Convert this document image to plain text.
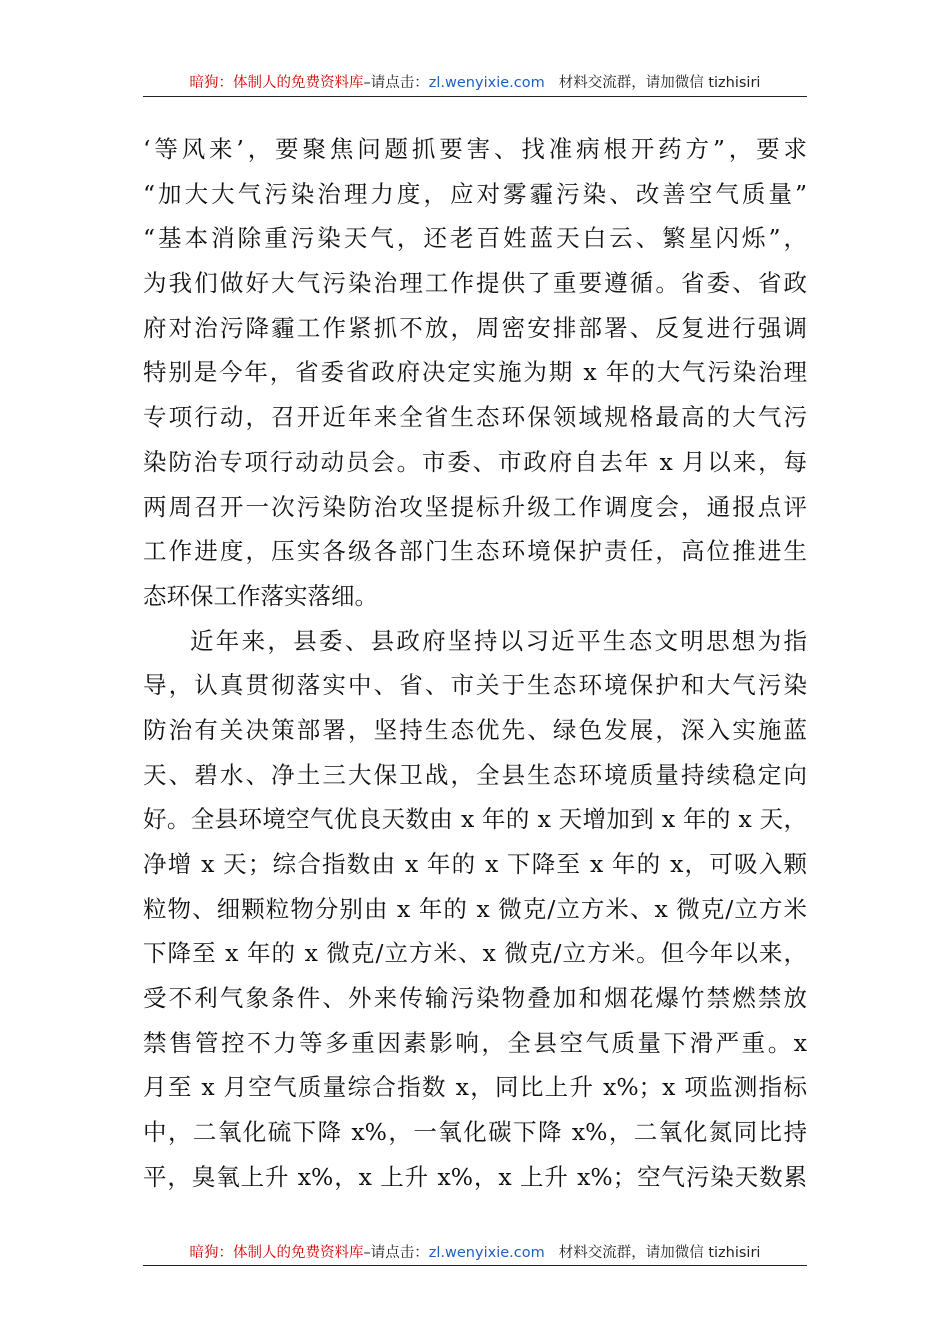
暗狗：体制人的免费资料库–请点击：zl.wenyixie.com 材料交流群，请加微信 tizhisiri
‘等风来’，要聚焦问题抓要害、找准病根开药方”，要求
“加大大气污染治理力度，应对雾霾污染、改善空气质量”
“基本消除重污染天气，还老百姓蓝天白云、繁星闪烁”，
为我们做好大气污染治理工作提供了重要遵循。省委、省政
府对治污降霾工作紧抓不放，周密安排部署、反复进行强调
特别是今年，省委省政府决定实施为期 x 年的大气污染治理
专项行动，召开近年来全省生态环保领域规格最高的大气污
染防治专项行动动员会。市委、市政府自去年 x 月以来，每
两周召开一次污染防治攻坚提标升级工作调度会，通报点评
工作进度，压实各级各部门生态环境保护责任，高位推进生
态环保工作落实落细。
近年来，县委、县政府坚持以习近平生态文明思想为指
导，认真贯彻落实中、省、市关于生态环境保护和大气污染
防治有关决策部署，坚持生态优先、绿色发展，深入实施蓝
天、碧水、净土三大保卫战，全县生态环境质量持续稳定向
好。全县环境空气优良天数由 x 年的 x 天增加到 x 年的 x 天，
净增 x 天；综合指数由 x 年的 x 下降至 x 年的 x，可吸入颗
粒物、细颗粒物分别由 x 年的 x 微克/立方米、x 微克/立方米
下降至 x 年的 x 微克/立方米、x 微克/立方米。但今年以来，
受不利气象条件、外来传输污染物叠加和烟花爆竹禁燃禁放
禁售管控不力等多重因素影响，全县空气质量下滑严重。x
月至 x 月空气质量综合指数 x，同比上升 x%；x 项监测指标
中，二氧化硫下降 x%，一氧化碳下降 x%，二氧化氮同比持
平，臭氧上升 x%，x 上升 x%，x 上升 x%；空气污染天数累
暗狗：体制人的免费资料库–请点击：zl.wenyixie.com 材料交流群，请加微信 tizhisiri
